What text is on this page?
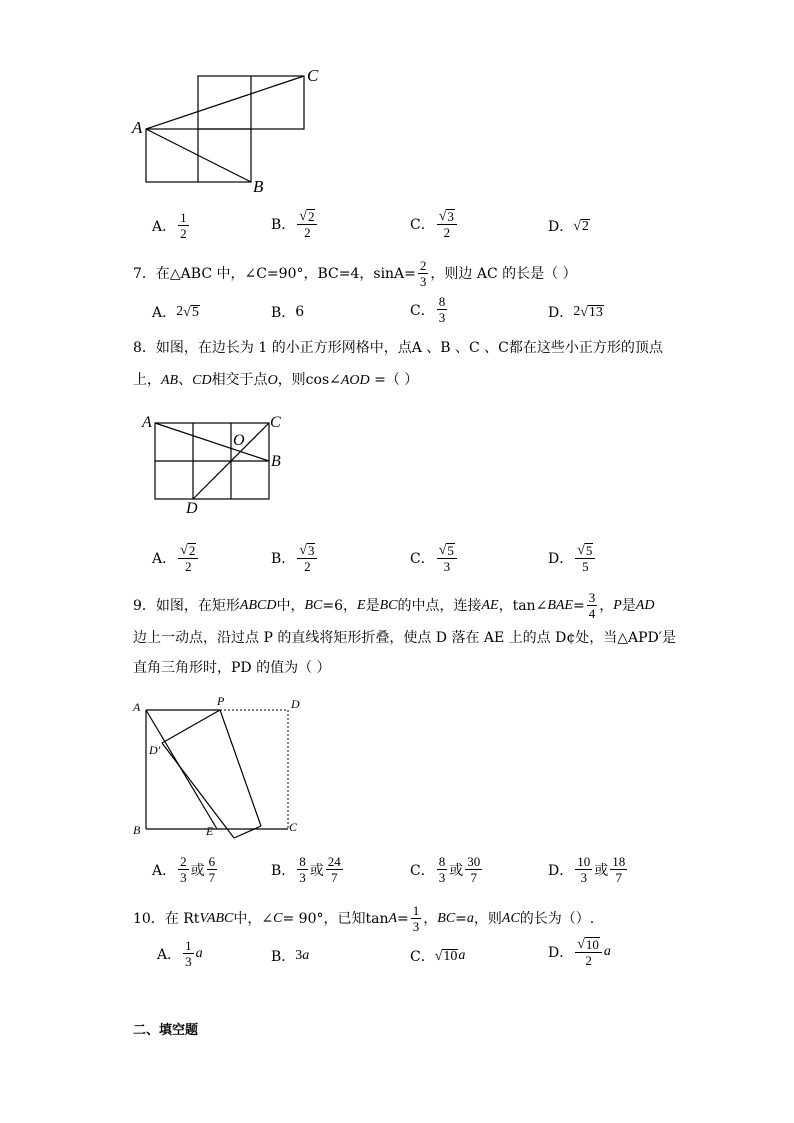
A
B
C
A． $\frac{1}{2}$	B． $\frac{√ 2}{2}$	C． $\frac{√ 3}{2}$	D． √ 2
7．在△ABC 中，∠C=90°，BC=4，$\sin A= \frac{2}{3}$ ，则边 AC 的长是（ ）
A． 2 √ 5	B． 6	C． $\frac{8}{3}$	D． 2 √ 13
8．如图，在边长为 1 的小正方形网格中，点A 、B 、C 、C都在这些小正方形的顶点
上，AB、CD相交于点O，则cos∠AOD =（ ）
A
B
C
D
O
A． $\frac{√ 2}{2}$	B． $\frac{√ 3}{2}$	C． $\frac{√ 5}{3}$	D． $\frac{√ 5}{5}$
9．如图，在矩形 ABCD 中， BC =6， E 是 BC 的中点，连接 AE ，tan∠ BAE = $\frac{3}{4}$ ， P 是 AD
边上一动点，沿过点 P 的直线将矩形折叠，使点 D 落在 AE 上的点 D¢处，当△APD′是
直角三角形时，PD 的值为（ ）
A	P	D
D′
B	E	C
A． $\frac{2}{3}$ 或 $\frac{6}{7}$	B． $\frac{8}{3}$ 或 $\frac{24}{7}$	C． $\frac{8}{3}$ 或 $\frac{30}{7}$	D． $\frac{10}{3}$ 或 $\frac{18}{7}$
10．在 Rt VABC 中，∠ C = 90°，已知$\tan A = \frac{1}{3}$ ， BC = a ，则 AC 的长为（）.
A． $\frac{1}{3}$ a	B． 3 a	C． √ 10 a	D． $\frac{√ 10}{2}$ a
二、填空题
